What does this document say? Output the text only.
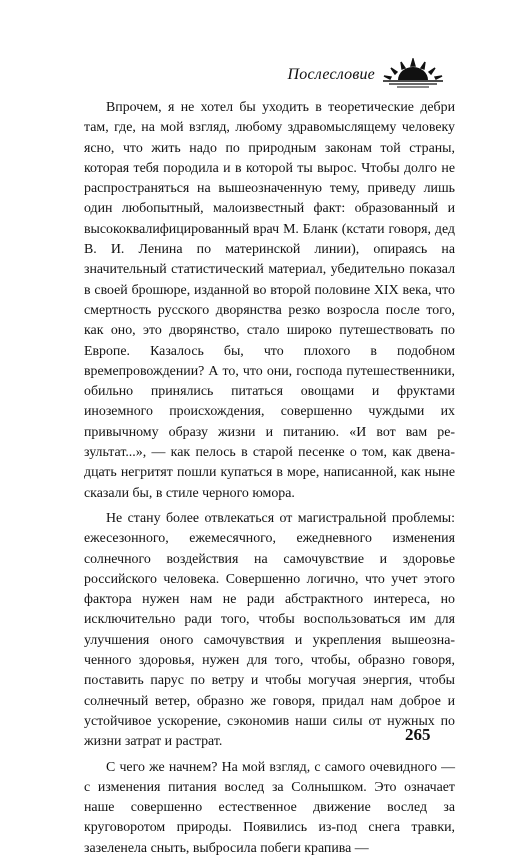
Послесловие

Впрочем, я не хотел бы уходить в теоретические дебри там, где, на мой взгляд, любому здравомыслящему человеку ясно, что жить надо по природным законам той страны, которая тебя породила и в которой ты вырос. Чтобы долго не распространяться на вышеозначенную тему, приведу лишь один любопытный, малоизвестный факт: образованный и высококвалифицированный врач М. Бланк (кстати говоря, дед В. И. Ленина по материнской линии), опираясь на значительный статистический материал, убедительно показал в своей брошюре, изданной во второй половине XIX века, что смертность русского дворянства резко возросла после того, как оно, это дворянство, стало широко путешествовать по Европе. Казалось бы, что плохого в подобном времепровождении? А то, что они, господа путешественники, обильно принялись питаться овощами и фруктами иноземного происхождения, совершенно чуждыми их привычному образу жизни и питанию. «И вот вам результат...», — как пелось в старой песенке о том, как двенадцать негритят пошли купаться в море, написанной, как ныне сказали бы, в стиле черного юмора.

Не стану более отвлекаться от магистральной проблемы: ежесезонного, ежемесячного, ежедневного изменения солнечного воздействия на самочувствие и здоровье российского человека. Совершенно логично, что учет этого фактора нужен нам не ради абстрактного интереса, но исключительно ради того, чтобы воспользоваться им для улучшения оного самочувствия и укрепления вышеозначенного здоровья, нужен для того, чтобы, образно говоря, поставить парус по ветру и чтобы могучая энергия, чтобы солнечный ветер, образно же говоря, придал нам доброе и устойчивое ускорение, сэкономив наши силы от нужных по жизни затрат и растрат.

С чего же начнем? На мой взгляд, с самого очевидного — с изменения питания вослед за Солнышком. Это означает наше совершенно естественное движение вослед за круговоротом природы. Появились из-под снега травки, зазеленела сныть, выбросила побеги крапива —

265
